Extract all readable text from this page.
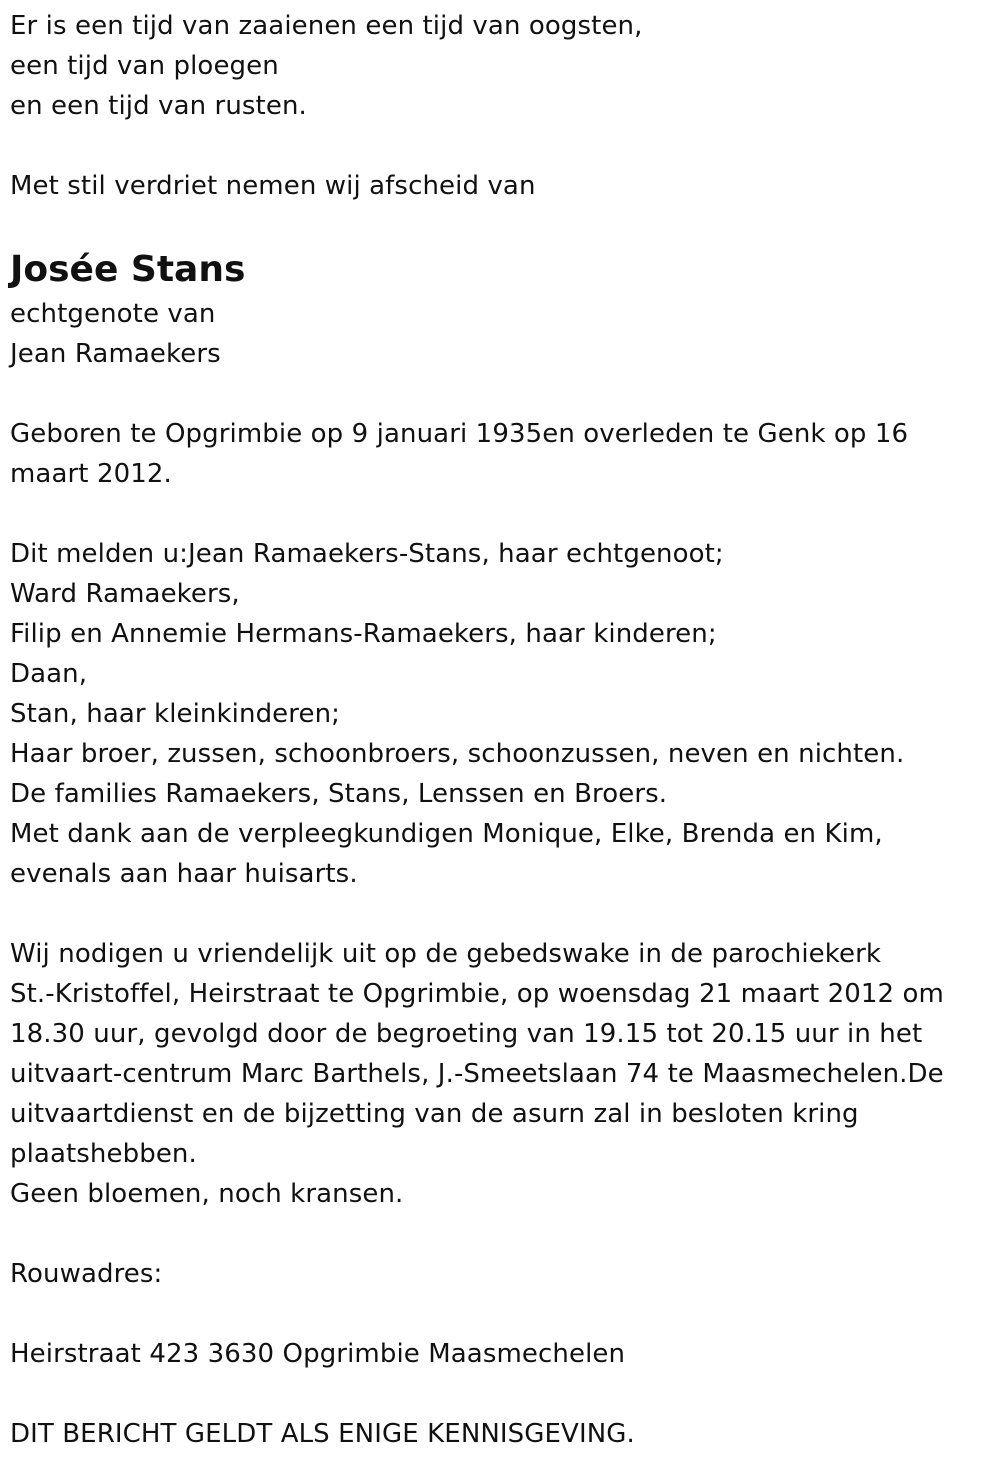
Er is een tijd van zaaienen een tijd van oogsten,
een tijd van ploegen
en een tijd van rusten.
Met stil verdriet nemen wij afscheid van
Josée Stans
echtgenote van
Jean Ramaekers
Geboren te Opgrimbie op 9 januari 1935en overleden te Genk op 16
maart 2012.
Dit melden u:Jean Ramaekers-Stans, haar echtgenoot;
Ward Ramaekers,
Filip en Annemie Hermans-Ramaekers, haar kinderen;
Daan,
Stan, haar kleinkinderen;
Haar broer, zussen, schoonbroers, schoonzussen, neven en nichten.
De families Ramaekers, Stans, Lenssen en Broers.
Met dank aan de verpleegkundigen Monique, Elke, Brenda en Kim,
evenals aan haar huisarts.
Wij nodigen u vriendelijk uit op de gebedswake in de parochiekerk
St.-Kristoffel, Heirstraat te Opgrimbie, op woensdag 21 maart 2012 om
18.30 uur, gevolgd door de begroeting van 19.15 tot 20.15 uur in het
uitvaart-centrum Marc Barthels, J.-Smeetslaan 74 te Maasmechelen.De
uitvaartdienst en de bijzetting van de asurn zal in besloten kring
plaatshebben.
Geen bloemen, noch kransen.
Rouwadres:
Heirstraat 423 3630 Opgrimbie Maasmechelen
DIT BERICHT GELDT ALS ENIGE KENNISGEVING.
